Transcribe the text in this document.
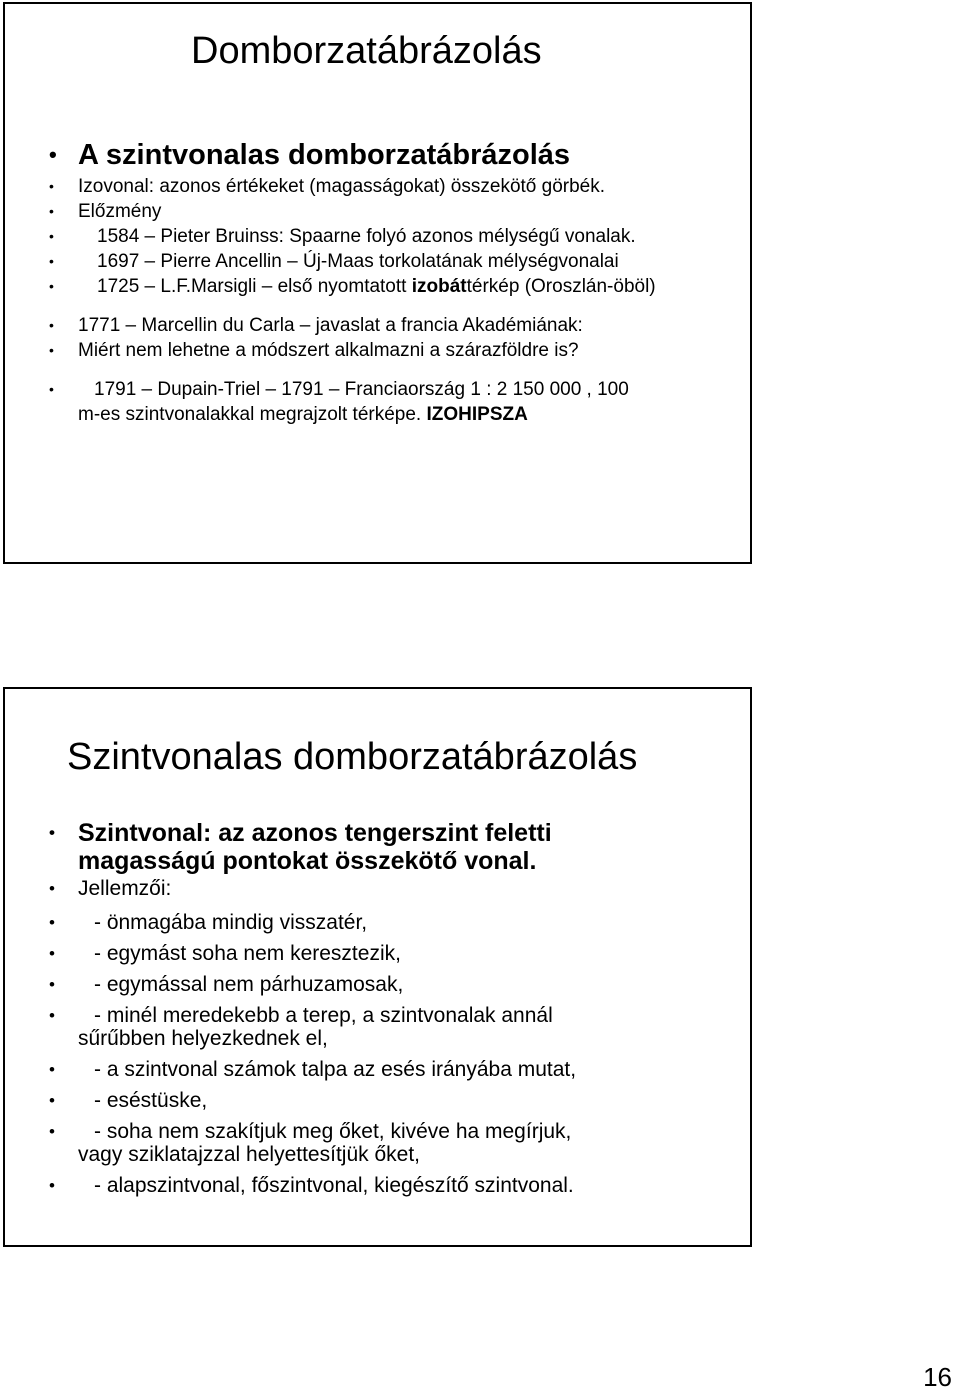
Domborzatábrázolás
• A szintvonalas domborzatábrázolás
• Izovonal: azonos értékeket (magasságokat) összekötő görbék.
• Előzmény
• 1584 – Pieter Bruinss: Spaarne folyó azonos mélységű vonalak.
• 1697 – Pierre Ancellin – Új-Maas torkolatának mélységvonalai
• 1725 – L.F.Marsigli – első nyomtatott izobáttérkép (Oroszlán-öböl)
• 1771 – Marcellin du Carla – javaslat a francia Akadémiának:
• Miért nem lehetne a módszert alkalmazni a szárazföldre is?
• 1791 – Dupain-Triel – 1791 – Franciaország 1 : 2 150 000 , 100
m-es szintvonalakkal megrajzolt térképe. IZOHIPSZA
Szintvonalas domborzatábrázolás
• Szintvonal: az azonos tengerszint feletti
magasságú pontokat összekötő vonal.
• Jellemzői:
• - önmagába mindig visszatér,
• - egymást soha nem keresztezik,
• - egymással nem párhuzamosak,
• - minél meredekebb a terep, a szintvonalak annál
sűrűbben helyezkednek el,
• - a szintvonal számok talpa az esés irányába mutat,
• - eséstüske,
• - soha nem szakítjuk meg őket, kivéve ha megírjuk,
vagy sziklatajzzal helyettesítjük őket,
• - alapszintvonal, főszintvonal, kiegészítő szintvonal.
16
